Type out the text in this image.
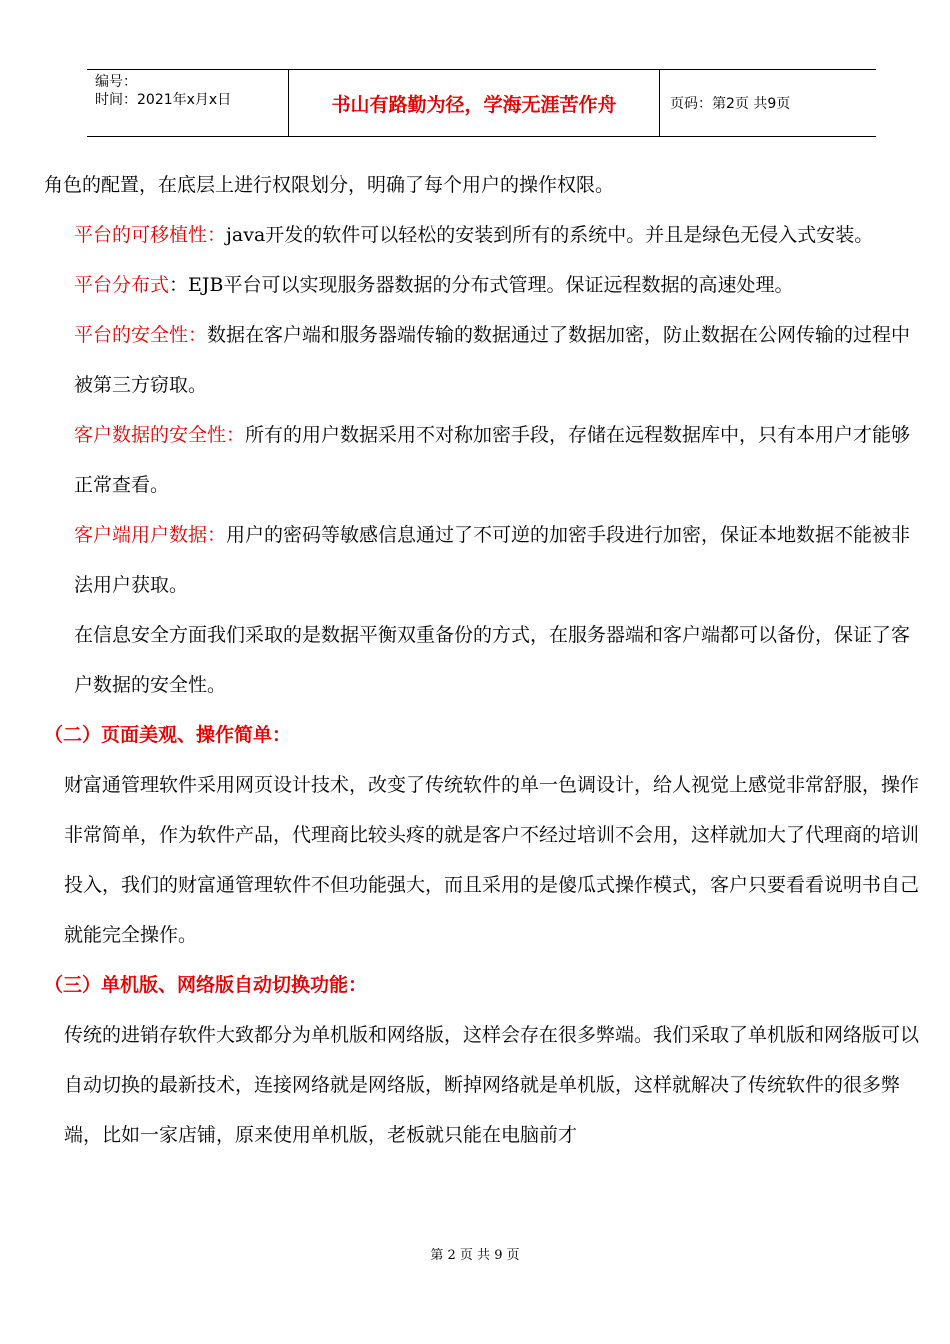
编号：
时间：2021年x月x日	书山有路勤为径，学海无涯苦作舟	页码：第2页 共9页

角色的配置，在底层上进行权限划分，明确了每个用户的操作权限。

平台的可移植性：java开发的软件可以轻松的安装到所有的系统中。并且是绿色无侵入式安装。

平台分布式：EJB平台可以实现服务器数据的分布式管理。保证远程数据的高速处理。

平台的安全性：数据在客户端和服务器端传输的数据通过了数据加密，防止数据在公网传输的过程中被第三方窃取。

客户数据的安全性：所有的用户数据采用不对称加密手段，存储在远程数据库中，只有本用户才能够正常查看。

客户端用户数据：用户的密码等敏感信息通过了不可逆的加密手段进行加密，保证本地数据不能被非法用户获取。

在信息安全方面我们采取的是数据平衡双重备份的方式，在服务器端和客户端都可以备份，保证了客户数据的安全性。

（二）页面美观、操作简单：

财富通管理软件采用网页设计技术，改变了传统软件的单一色调设计，给人视觉上感觉非常舒服，操作非常简单，作为软件产品，代理商比较头疼的就是客户不经过培训不会用，这样就加大了代理商的培训投入，我们的财富通管理软件不但功能强大，而且采用的是傻瓜式操作模式，客户只要看看说明书自己就能完全操作。

（三）单机版、网络版自动切换功能：

传统的进销存软件大致都分为单机版和网络版，这样会存在很多弊端。我们采取了单机版和网络版可以自动切换的最新技术，连接网络就是网络版，断掉网络就是单机版，这样就解决了传统软件的很多弊端，比如一家店铺，原来使用单机版，老板就只能在电脑前才

第 2 页 共 9 页
